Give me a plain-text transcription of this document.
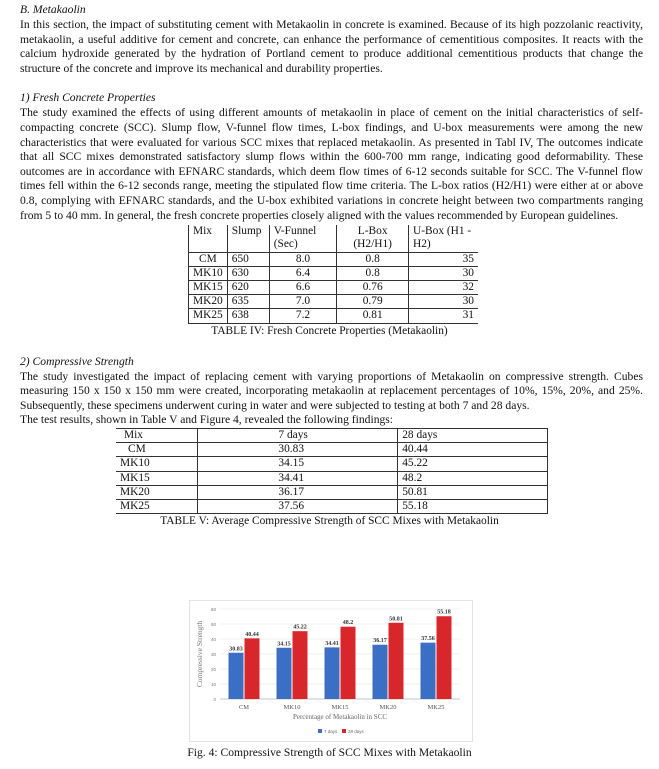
B. Metakaolin

In this section, the impact of substituting cement with Metakaolin in concrete is examined. Because of its high pozzolanic reactivity, metakaolin, a useful additive for cement and concrete, can enhance the performance of cementitious composites. It reacts with the calcium hydroxide generated by the hydration of Portland cement to produce additional cementitious products that change the structure of the concrete and improve its mechanical and durability properties.

1) Fresh Concrete Properties

The study examined the effects of using different amounts of metakaolin in place of cement on the initial characteristics of self-compacting concrete (SCC). Slump flow, V-funnel flow times, L-box findings, and U-box measurements were among the new characteristics that were evaluated for various SCC mixes that replaced metakaolin. As presented in Tabl IV, The outcomes indicate that all SCC mixes demonstrated satisfactory slump flows within the 600-700 mm range, indicating good deformability. These outcomes are in accordance with EFNARC standards, which deem flow times of 6-12 seconds suitable for SCC. The V-funnel flow times fell within the 6-12 seconds range, meeting the stipulated flow time criteria. The L-box ratios (H2/H1) were either at or above 0.8, complying with EFNARC standards, and the U-box exhibited variations in concrete height between two compartments ranging from 5 to 40 mm. In general, the fresh concrete properties closely aligned with the values recommended by European guidelines.

Mix	Slump	V-Funnel	L-Box	U-Box (H1 -
		(Sec)	(H2/H1)	H2)
CM	650	8.0	0.8	35
MK10	630	6.4	0.8	30
MK15	620	6.6	0.76	32
MK20	635	7.0	0.79	30
MK25	638	7.2	0.81	31
TABLE IV: Fresh Concrete Properties (Metakaolin)
2) Compressive Strength

The study investigated the impact of replacing cement with varying proportions of Metakaolin on compressive strength. Cubes measuring 150 x 150 x 150 mm were created, incorporating metakaolin at replacement percentages of 10%, 15%, 20%, and 25%. Subsequently, these specimens underwent curing in water and were subjected to testing at both 7 and 28 days.

The test results, shown in Table V and Figure 4, revealed the following findings:

Mix	7 days	28 days
CM	30.83	40.44
MK10	34.15	45.22
MK15	34.41	48.2
MK20	36.17	50.81
MK25	37.56	55.18
TABLE V: Average Compressive Strength of SCC Mixes with Metakaolin
0
10
20
30
40
50
60
Compressive Strength	30.83
40.44
CM
34.15
45.22
MK10
34.41
48.2
MK15
36.17
50.81
MK20
37.56
55.18
MK25
Percentage of Metakaolin in SCC
7 days 28 days
Fig. 4: Compressive Strength of SCC Mixes with Metakaolin
